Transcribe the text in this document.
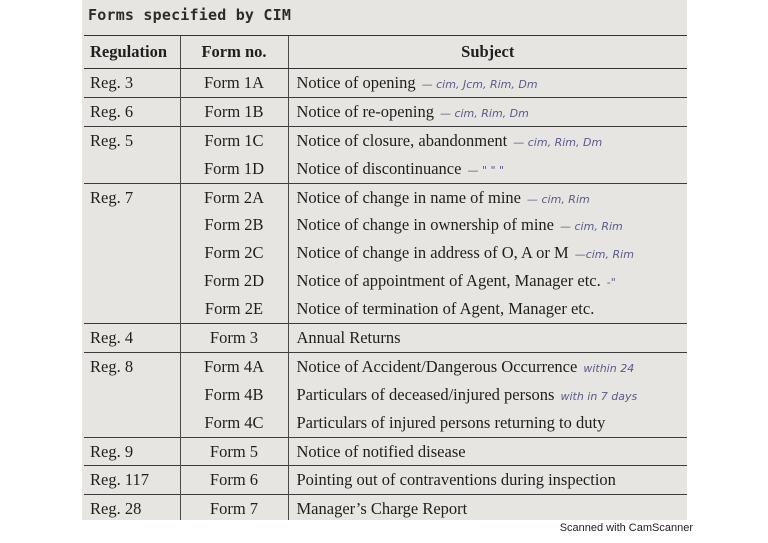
Forms specified by CIM
Regulation	Form no.	Subject
Reg. 3	Form 1A	Notice of opening — cim, Jcm, Rim, Dm
Reg. 6	Form 1B	Notice of re-opening — cim, Rim, Dm
Reg. 5	Form 1C	Notice of closure, abandonment — cim, Rim, Dm
	Form 1D	Notice of discontinuance — " " "
Reg. 7	Form 2A	Notice of change in name of mine — cim, Rim
	Form 2B	Notice of change in ownership of mine — cim, Rim
	Form 2C	Notice of change in address of O, A or M —cim, Rim
	Form 2D	Notice of appointment of Agent, Manager etc. -"
	Form 2E	Notice of termination of Agent, Manager etc.
Reg. 4	Form 3	Annual Returns
Reg. 8	Form 4A	Notice of Accident/Dangerous Occurrence within 24
	Form 4B	Particulars of deceased/injured persons with in 7 days
	Form 4C	Particulars of injured persons returning to duty
Reg. 9	Form 5	Notice of notified disease
Reg. 117	Form 6	Pointing out of contraventions during inspection
Reg. 28	Form 7	Manager’s Charge Report
Scanned with CamScanner
